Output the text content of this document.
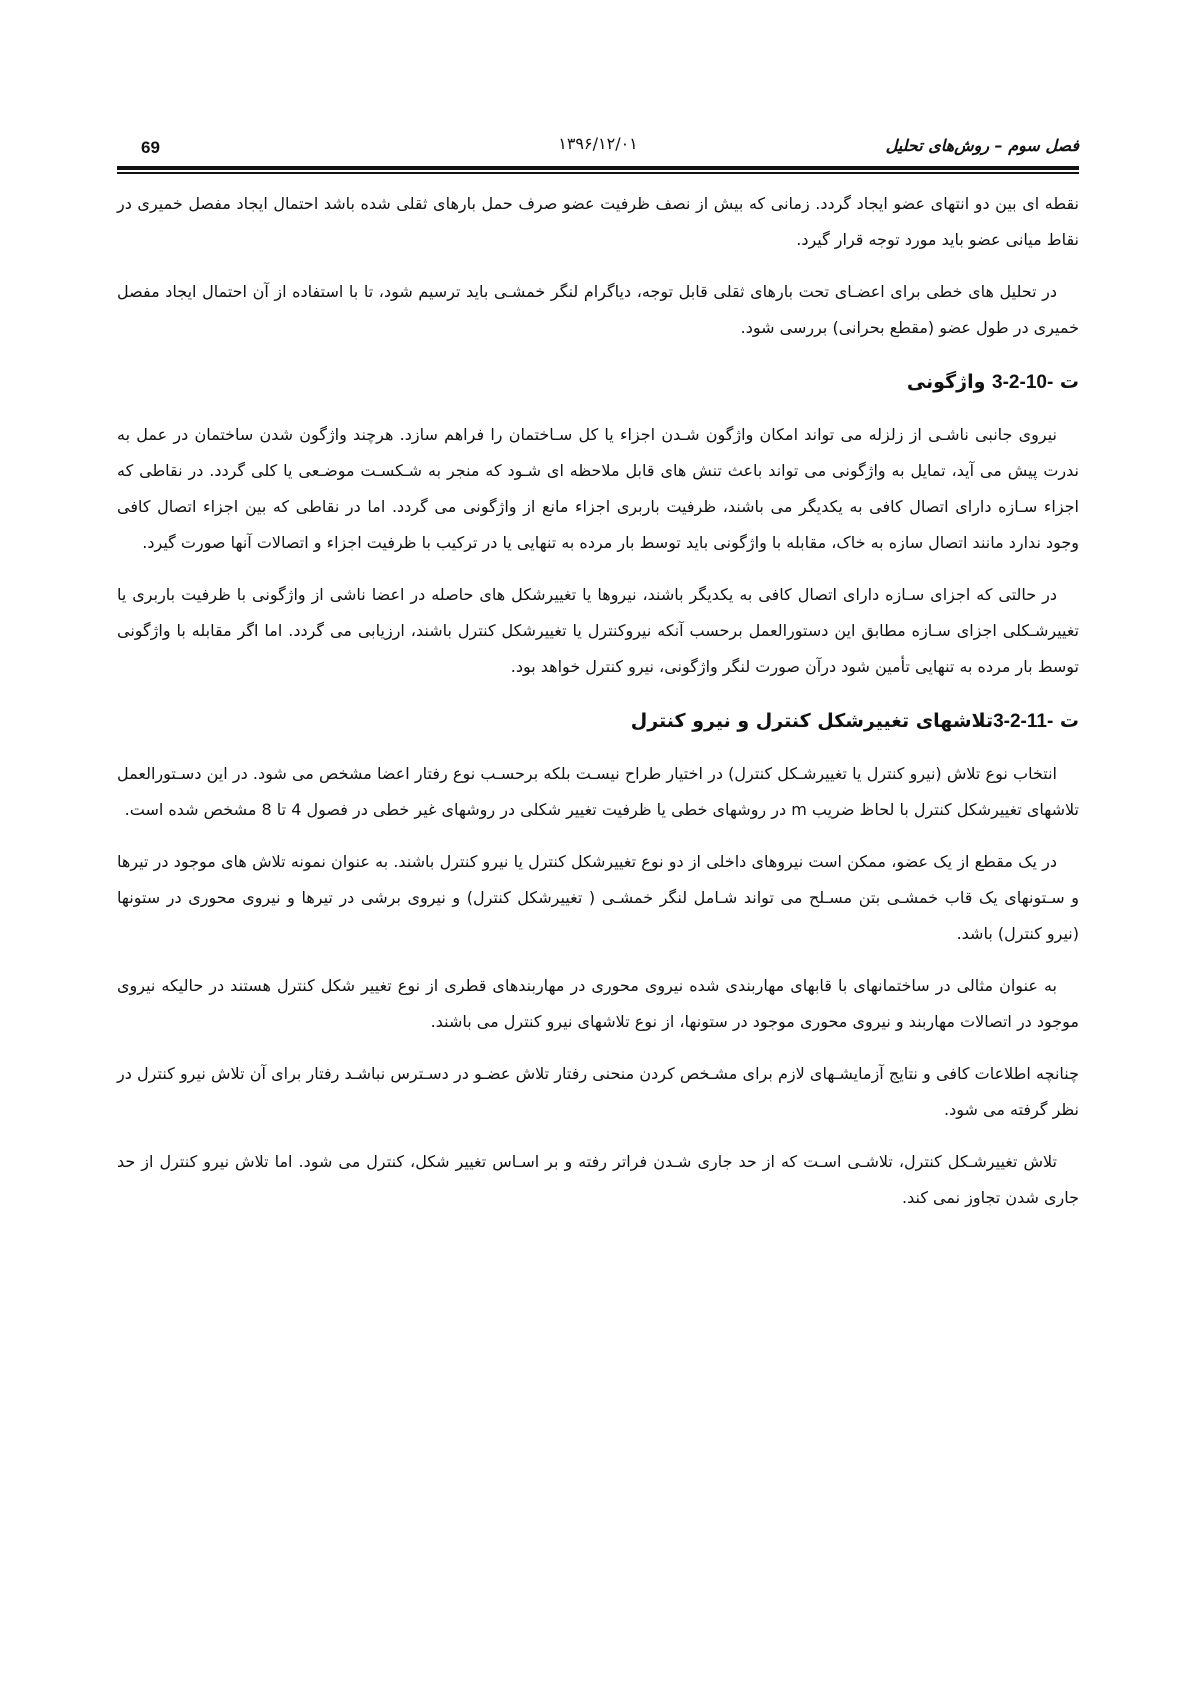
69	۱۳۹۶/۱۲/۰۱	فصل سوم – روش‌های تحلیل

نقطه ای بین دو انتهای عضو ایجاد گردد. زمانی که بیش از نصف ظرفیت عضو صرف حمل بارهای ثقلی شده باشد احتمال ایجاد مفصل خمیری در نقاط میانی عضو باید مورد توجه قرار گیرد.

در تحلیل های خطی برای اعضـای تحت بارهای ثقلی قابل توجه، دیاگرام لنگر خمشـی باید ترسیم شود، تا با استفاده از آن احتمال ایجاد مفصل خمیری در طول عضو (مقطع بحرانی) بررسی شود.

ت 3-2-10- واژگونی

نیروی جانبی ناشـی از زلزله می تواند امکان واژگون شـدن اجزاء یا کل سـاختمان را فراهم سازد. هرچند واژگون شدن ساختمان در عمل به ندرت پیش می آید، تمایل به واژگونی می تواند باعث تنش های قابل ملاحظه ای شـود که منجر به شـکسـت موضـعی یا کلی گردد. در نقاطی که اجزاء سـازه دارای اتصال کافی به یکدیگر می باشند، ظرفیت باربری اجزاء مانع از واژگونی می گردد. اما در نقاطی که بین اجزاء اتصال کافی وجود ندارد مانند اتصال سازه به خاک، مقابله با واژگونی باید توسط بار مرده به تنهایی یا در ترکیب با ظرفیت اجزاء و اتصالات آنها صورت گیرد.

در حالتی که اجزای سـازه دارای اتصال کافی به یکدیگر باشند، نیروها یا تغییرشکل های حاصله در اعضا ناشی از واژگونی با ظرفیت باربری یا تغییرشـکلی اجزای سـازه مطابق این دستورالعمل برحسب آنکه نیروکنترل یا تغییرشکل کنترل باشند، ارزیابی می گردد. اما اگر مقابله با واژگونی توسط بار مرده به تنهایی تأمین شود درآن صورت لنگر واژگونی، نیرو کنترل خواهد بود.

ت 3-2-11-تلاشهای تغییرشکل کنترل و نیرو کنترل

انتخاب نوع تلاش (نیرو کنترل یا تغییرشـکل کنترل) در اختیار طراح نیسـت بلکه برحسـب نوع رفتار اعضا مشخص می شود. در این دسـتورالعمل تلاشهای تغییرشکل کنترل با لحاظ ضریب m در روشهای خطی یا ظرفیت تغییر شکلی در روشهای غیر خطی در فصول 4 تا 8 مشخص شده است.

در یک مقطع از یک عضو، ممکن است نیروهای داخلی از دو نوع تغییرشکل کنترل یا نیرو کنترل باشند. به عنوان نمونه تلاش های موجود در تیرها و سـتونهای یک قاب خمشـی بتن مسـلح می تواند شـامل لنگر خمشـی ( تغییرشکل کنترل) و نیروی برشی در تیرها و نیروی محوری در ستونها (نیرو کنترل) باشد.

به عنوان مثالی در ساختمانهای با قابهای مهاربندی شده نیروی محوری در مهاربندهای قطری از نوع تغییر شکل کنترل هستند در حالیکه نیروی موجود در اتصالات مهاربند و نیروی محوری موجود در ستونها، از نوع تلاشهای نیرو کنترل می باشند.

چنانچه اطلاعات کافی و نتایج آزمایشـهای لازم برای مشـخص کردن منحنی رفتار تلاش عضـو در دسـترس نباشـد رفتار برای آن تلاش نیرو کنترل در نظر گرفته می شود.

تلاش تغییرشـکل کنترل، تلاشـی اسـت که از حد جاری شـدن فراتر رفته و بر اسـاس تغییر شکل، کنترل می شود. اما تلاش نیرو کنترل از حد جاری شدن تجاوز نمی کند.
